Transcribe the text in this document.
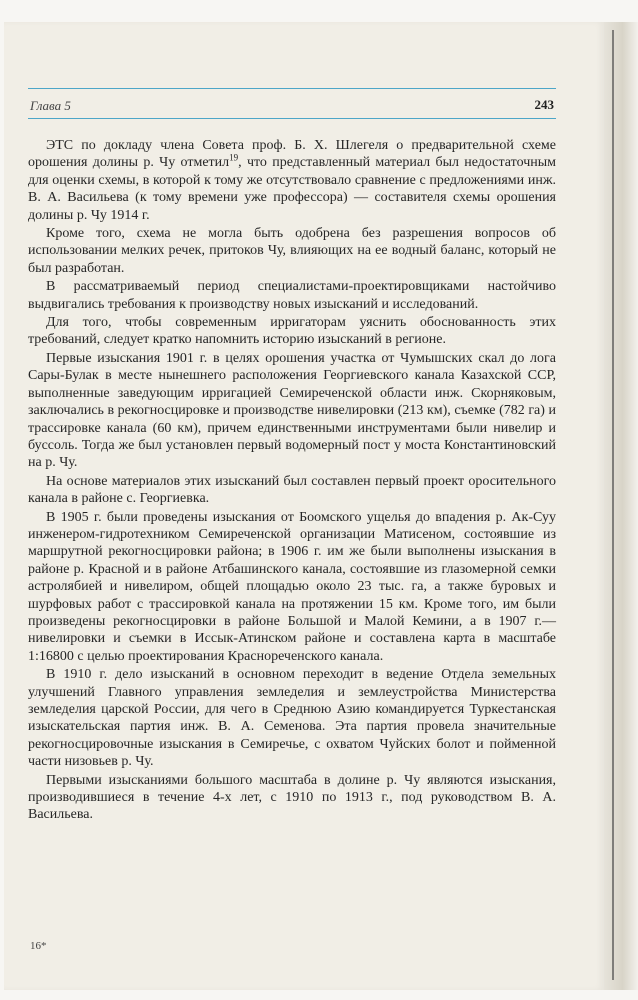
Глава 5	243

ЭТС по докладу члена Совета проф. Б. Х. Шлегеля о предварительной схеме орошения долины р. Чу отметил$^{19}$, что представленный материал был недостаточным для оценки схемы, в которой к тому же отсутствовало сравнение с предложениями инж. В. А. Васильева (к тому времени уже профессора) — составителя схемы орошения долины р. Чу 1914 г.

Кроме того, схема не могла быть одобрена без разрешения вопросов об использовании мелких речек, притоков Чу, влияющих на ее водный баланс, который не был разработан.

В рассматриваемый период специалистами-проектировщиками настойчиво выдвигались требования к производству новых изысканий и исследований.

Для того, чтобы современным ирригаторам уяснить обоснованность этих требований, следует кратко напомнить историю изысканий в регионе.

Первые изыскания 1901 г. в целях орошения участка от Чумышских скал до лога Сары-Булак в месте нынешнего расположения Георгиевского канала Казахской ССР, выполненные заведующим ирригацией Семиреченской области инж. Скорняковым, заключались в рекогносцировке и производстве нивелировки (213 км), съемке (782 га) и трассировке канала (60 км), причем единственными инструментами были нивелир и буссоль. Тогда же был установлен первый водомерный пост у моста Константиновский на р. Чу.

На основе материалов этих изысканий был составлен первый проект оросительного канала в районе с. Георгиевка.

В 1905 г. были проведены изыскания от Боомского ущелья до впадения р. Ак-Суу инженером-гидротехником Семиреченской организации Матисеном, состоявшие из маршрутной рекогносцировки района; в 1906 г. им же были выполнены изыскания в районе р. Красной и в районе Атбашинского канала, состоявшие из глазомерной семки астролябией и нивелиром, общей площадью около 23 тыс. га, а также буровых и шурфовых работ с трассировкой канала на протяжении 15 км. Кроме того, им были произведены рекогносцировки в районе Большой и Малой Кемини, а в 1907 г.— нивелировки и съемки в Иссык-Атинском районе и составлена карта в масштабе 1:16800 с целью проектирования Краснореченского канала.

В 1910 г. дело изысканий в основном переходит в ведение Отдела земельных улучшений Главного управления земледелия и землеустройства Министерства земледелия царской России, для чего в Среднюю Азию командируется Туркестанская изыскательская партия инж. В. А. Семенова. Эта партия провела значительные рекогносцировочные изыскания в Семиречье, с охватом Чуйских болот и пойменной части низовьев р. Чу.

Первыми изысканиями большого масштаба в долине р. Чу являются изыскания, производившиеся в течение 4-х лет, с 1910 по 1913 г., под руководством В. А. Васильева.

16*
